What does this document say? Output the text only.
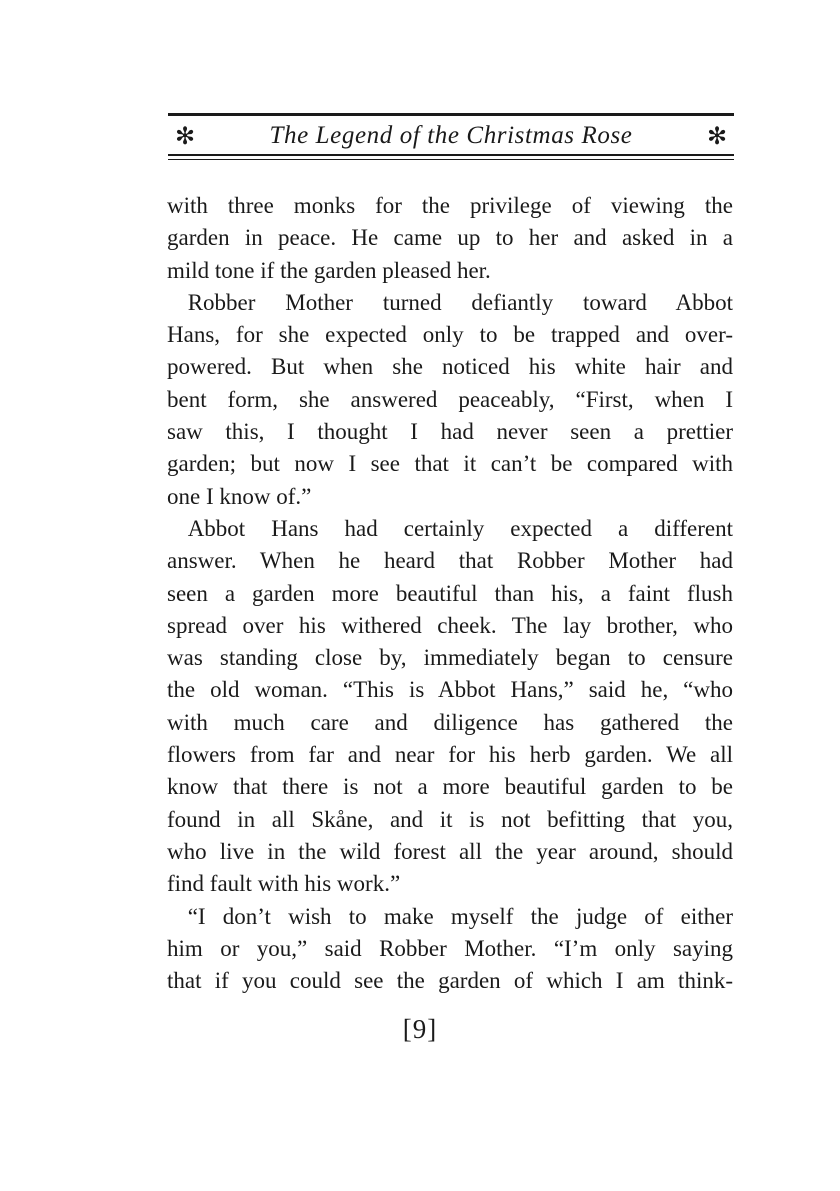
✻	The Legend of the Christmas Rose	✻

with three monks for the privilege of viewing the

garden in peace. He came up to her and asked in a

mild tone if the garden pleased her.

Robber Mother turned defiantly toward Abbot

Hans, for she expected only to be trapped and over-

powered. But when she noticed his white hair and

bent form, she answered peaceably, “First, when I

saw this, I thought I had never seen a prettier

garden; but now I see that it can’t be compared with

one I know of.”

Abbot Hans had certainly expected a different

answer. When he heard that Robber Mother had

seen a garden more beautiful than his, a faint flush

spread over his withered cheek. The lay brother, who

was standing close by, immediately began to censure

the old woman. “This is Abbot Hans,” said he, “who

with much care and diligence has gathered the

flowers from far and near for his herb garden. We all

know that there is not a more beautiful garden to be

found in all Skåne, and it is not befitting that you,

who live in the wild forest all the year around, should

find fault with his work.”

“I don’t wish to make myself the judge of either

him or you,” said Robber Mother. “I’m only saying

that if you could see the garden of which I am think-

[9]
